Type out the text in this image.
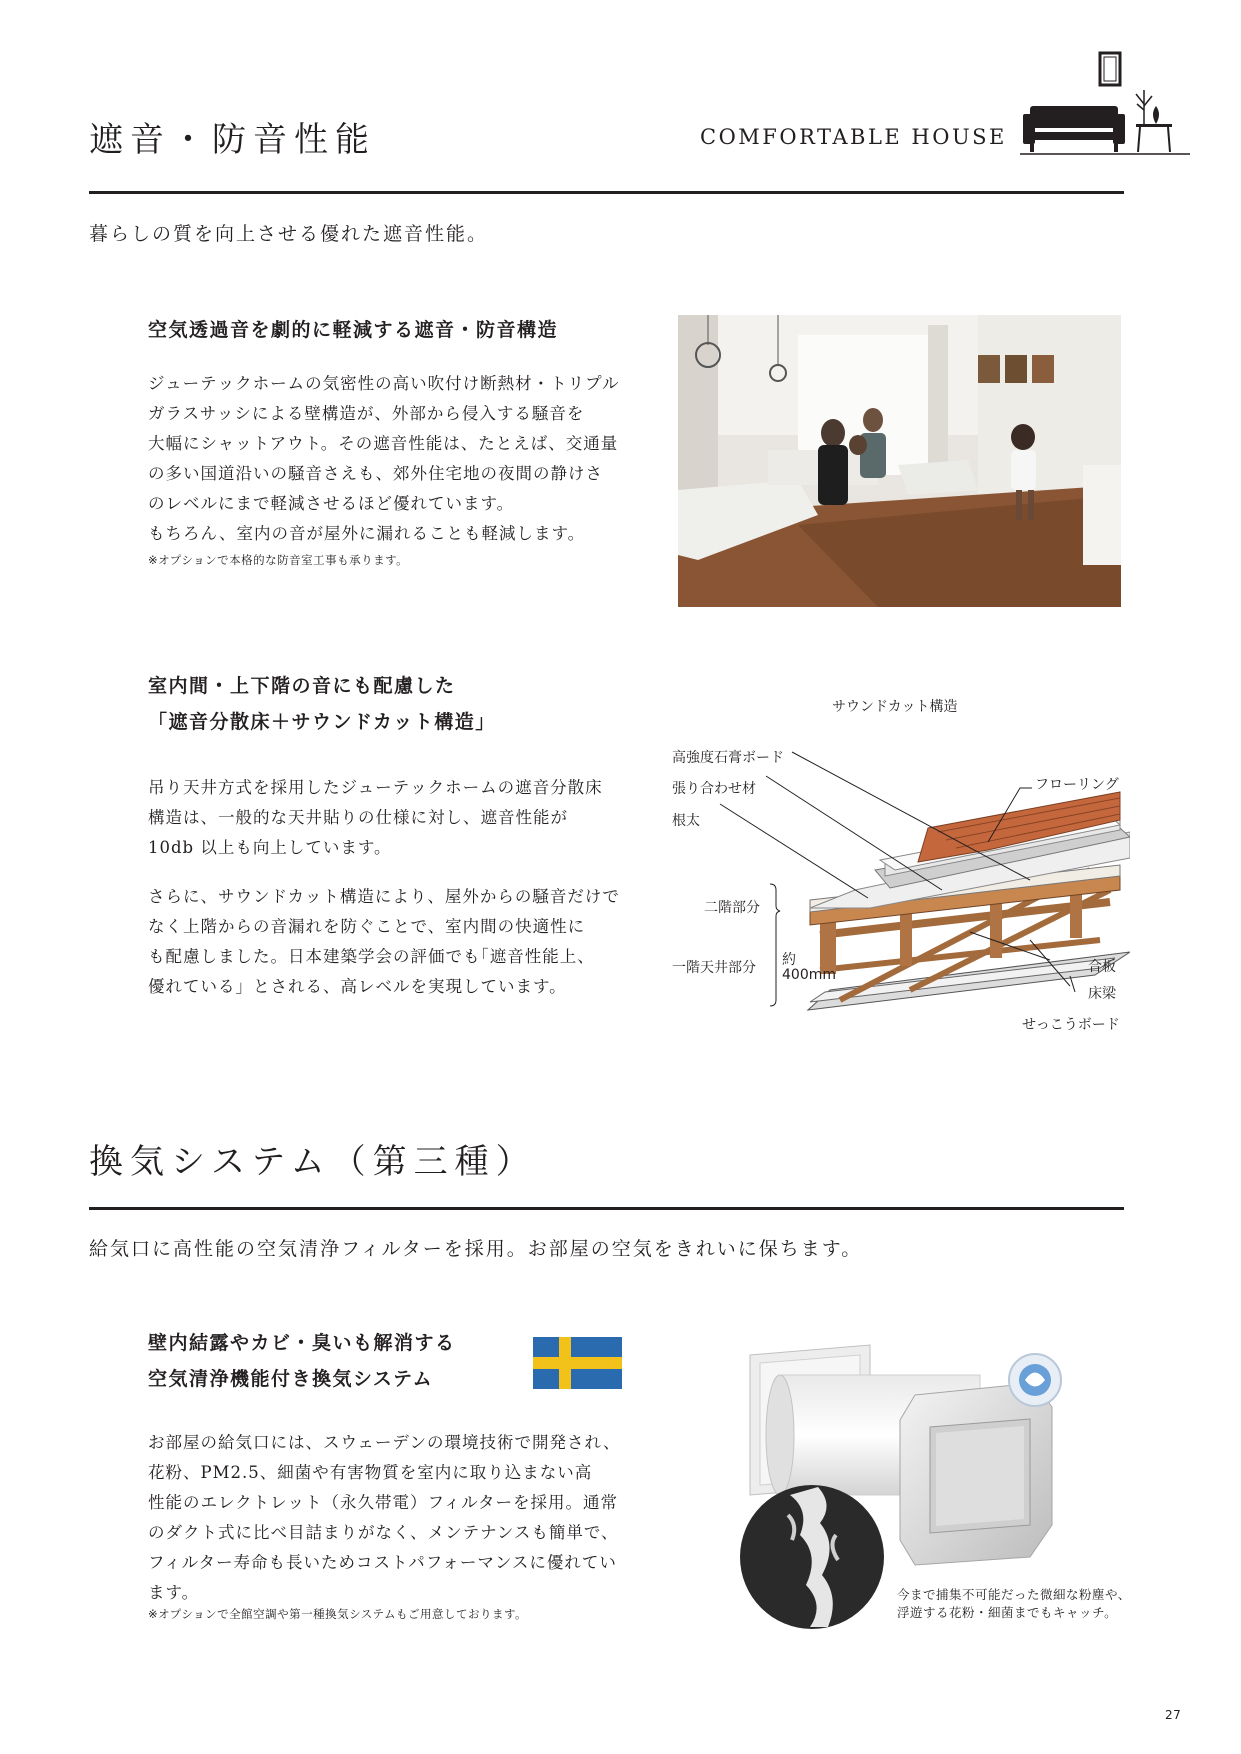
遮音・防音性能	COMFORTABLE HOUSE
暮らしの質を向上させる優れた遮音性能。
空気透過音を劇的に軽減する遮音・防音構造
ジューテックホームの気密性の高い吹付け断熱材・トリプル
ガラスサッシによる壁構造が、外部から侵入する騒音を
大幅にシャットアウト。その遮音性能は、たとえば、交通量
の多い国道沿いの騒音さえも、郊外住宅地の夜間の静けさ
のレベルにまで軽減させるほど優れています。
もちろん、室内の音が屋外に漏れることも軽減します。
※オプションで本格的な防音室工事も承ります。
室内間・上下階の音にも配慮した
「遮音分散床＋サウンドカット構造」
吊り天井方式を採用したジューテックホームの遮音分散床
構造は、一般的な天井貼りの仕様に対し、遮音性能が
10db 以上も向上しています。
さらに、サウンドカット構造により、屋外からの騒音だけで
なく上階からの音漏れを防ぐことで、室内間の快適性に
も配慮しました。日本建築学会の評価でも｢遮音性能上、
優れている」とされる、高レベルを実現しています。
サウンドカット構造
高強度石膏ボード
張り合わせ材
根太
フローリング
二階部分
一階天井部分 約
400mm	合板
床梁
せっこうボード
換気システム（第三種）
給気口に高性能の空気清浄フィルターを採用。お部屋の空気をきれいに保ちます。
壁内結露やカビ・臭いも解消する
空気清浄機能付き換気システム
お部屋の給気口には、スウェーデンの環境技術で開発され、
花粉、PM2.5、細菌や有害物質を室内に取り込まない高
性能のエレクトレット（永久帯電）フィルターを採用。通常
のダクト式に比べ目詰まりがなく、メンテナンスも簡単で、
フィルター寿命も長いためコストパフォーマンスに優れてい
ます。
※オプションで全館空調や第一種換気システムもご用意しております。
今まで捕集不可能だった微細な粉塵や、
浮遊する花粉・細菌までもキャッチ。
27
